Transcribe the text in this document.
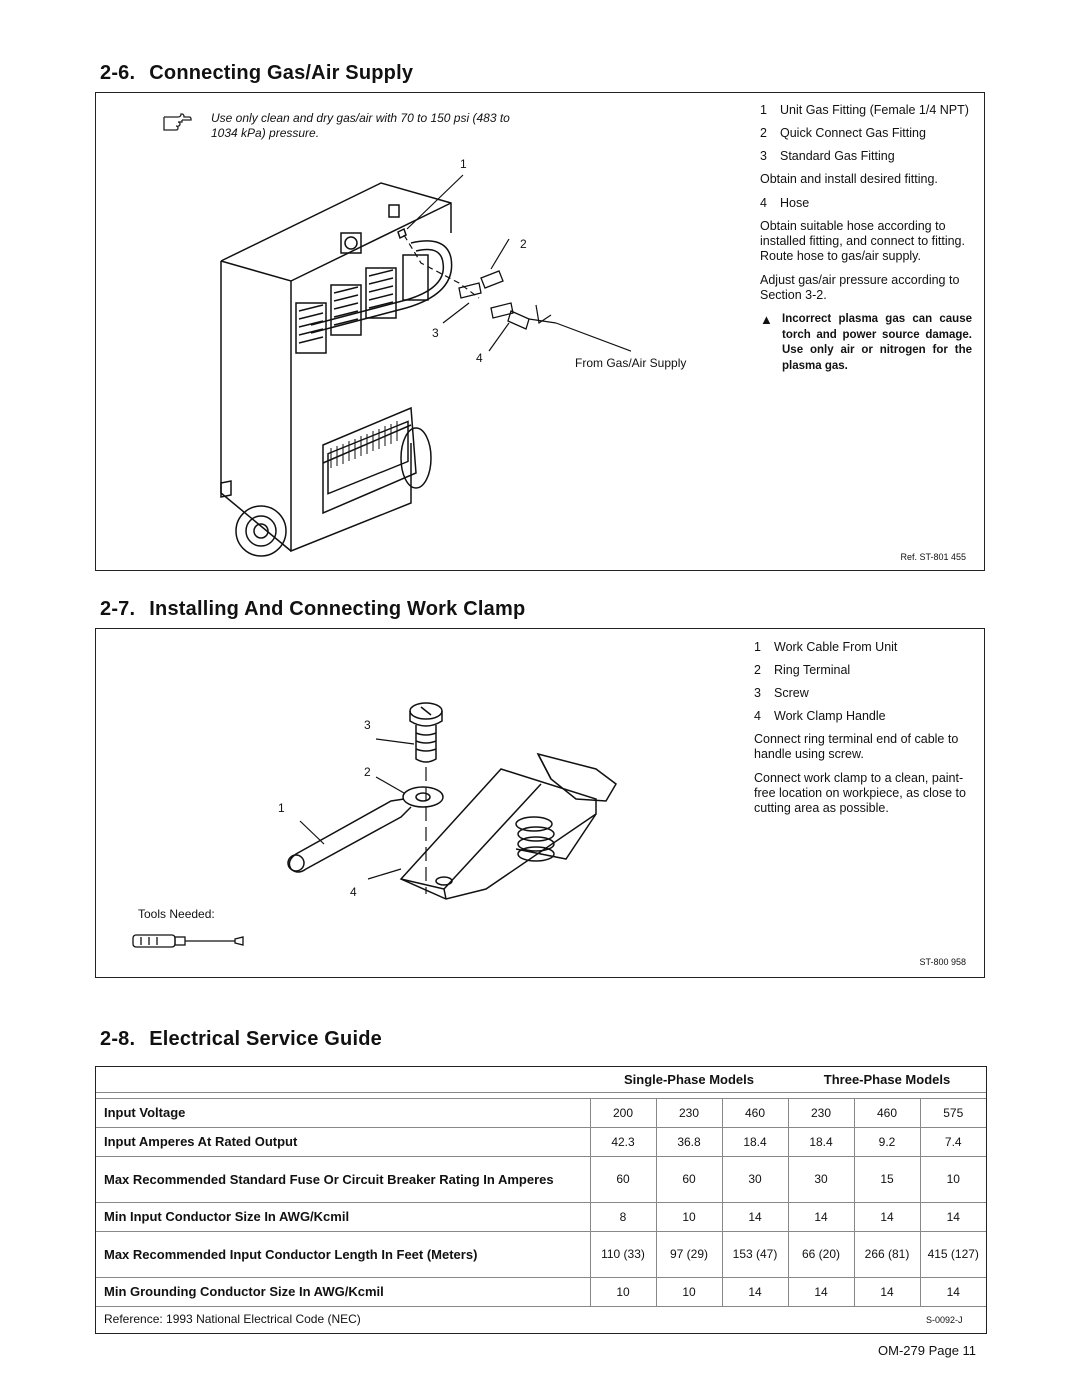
2-6. Connecting Gas/Air Supply
Use only clean and dry gas/air with 70 to 150 psi (483 to 1034 kPa) pressure.
1
2
3
4	From Gas/Air Supply
1	Unit Gas Fitting (Female 1/4 NPT)
2	Quick Connect Gas Fitting
3	Standard Gas Fitting

Obtain and install desired fitting.

4	Hose

Obtain suitable hose according to installed fitting, and connect to fitting. Route hose to gas/air supply.

Adjust gas/air pressure according to Section 3-2.

▲ Incorrect plasma gas can cause torch and power source damage. Use only air or nitrogen for the plasma gas.
Ref. ST-801 455
2-7. Installing And Connecting Work Clamp
3
2
1
4
Tools Needed:
1	Work Cable From Unit
2	Ring Terminal
3	Screw
4	Work Clamp Handle

Connect ring terminal end of cable to handle using screw.

Connect work clamp to a clean, paint-free location on workpiece, as close to cutting area as possible.

ST-800 958
2-8. Electrical Service Guide
	Single-Phase Models			Three-Phase Models		

Input Voltage	200	230	460	230	460	575
Input Amperes At Rated Output	42.3	36.8	18.4	18.4	9.2	7.4
Max Recommended Standard Fuse Or Circuit Breaker Rating In Amperes	60	60	30	30	15	10
Min Input Conductor Size In AWG/Kcmil	8	10	14	14	14	14
Max Recommended Input Conductor Length In Feet (Meters)	110 (33)	97 (29)	153 (47)	66 (20)	266 (81)	415 (127)
Min Grounding Conductor Size In AWG/Kcmil	10	10	14	14	14	14
Reference: 1993 National Electrical Code (NEC)	S-0092-J
OM-279 Page 11
